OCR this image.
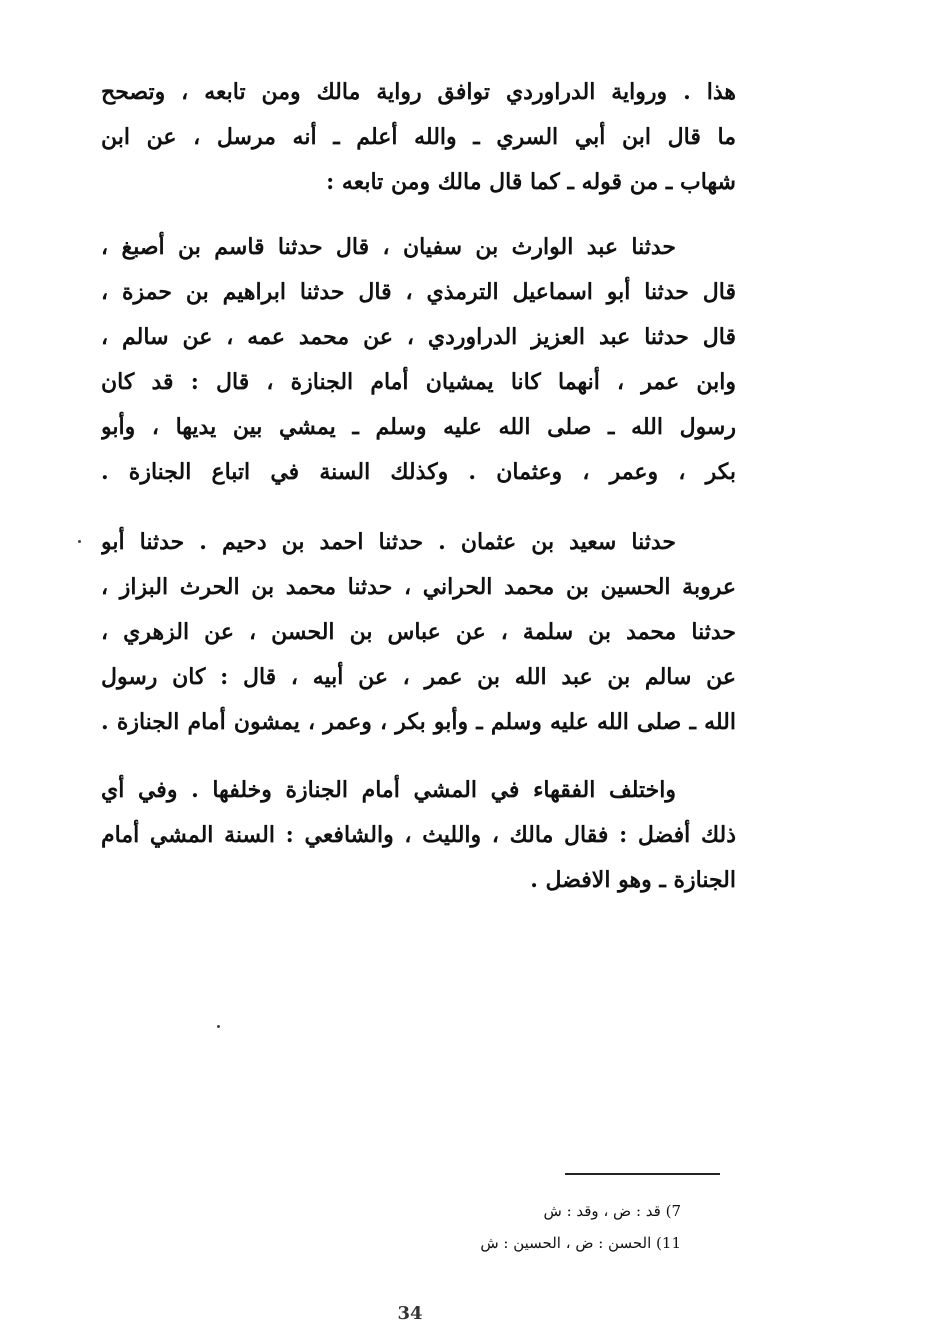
هذا . ورواية الدراوردي توافق رواية مالك ومن تابعه ، وتصحح
ما قال ابن أبي السري ـ والله أعلم ـ أنه مرسل ، عن ابن
شهاب ـ من قوله ـ كما قال مالك ومن تابعه :
حدثنا عبد الوارث بن سفيان ، قال حدثنا قاسم بن أصبغ ،
قال حدثنا أبو اسماعيل الترمذي ، قال حدثنا ابراهيم بن حمزة ،
قال حدثنا عبد العزيز الدراوردي ، عن محمد عمه ، عن سالم ،
وابن عمر ، أنهما كانا يمشيان أمام الجنازة ، قال : قد كان
رسول الله ـ صلى الله عليه وسلم ـ يمشي بين يديها ، وأبو
بكر ، وعمر ، وعثمان . وكذلك السنة في اتباع الجنازة .
حدثنا سعيد بن عثمان . حدثنا احمد بن دحيم . حدثنا أبو
عروبة الحسين بن محمد الحراني ، حدثنا محمد بن الحرث البزاز ،
حدثنا محمد بن سلمة ، عن عباس بن الحسن ، عن الزهري ،
عن سالم بن عبد الله بن عمر ، عن أبيه ، قال : كان رسول
الله ـ صلى الله عليه وسلم ـ وأبو بكر ، وعمر ، يمشون أمام الجنازة .
واختلف الفقهاء في المشي أمام الجنازة وخلفها . وفي أي
ذلك أفضل : فقال مالك ، والليث ، والشافعي : السنة المشي أمام
الجنازة ـ وهو الافضل .
7) قد : ض ، وقد : ش
11) الحسن : ض ، الحسين : ش
34
